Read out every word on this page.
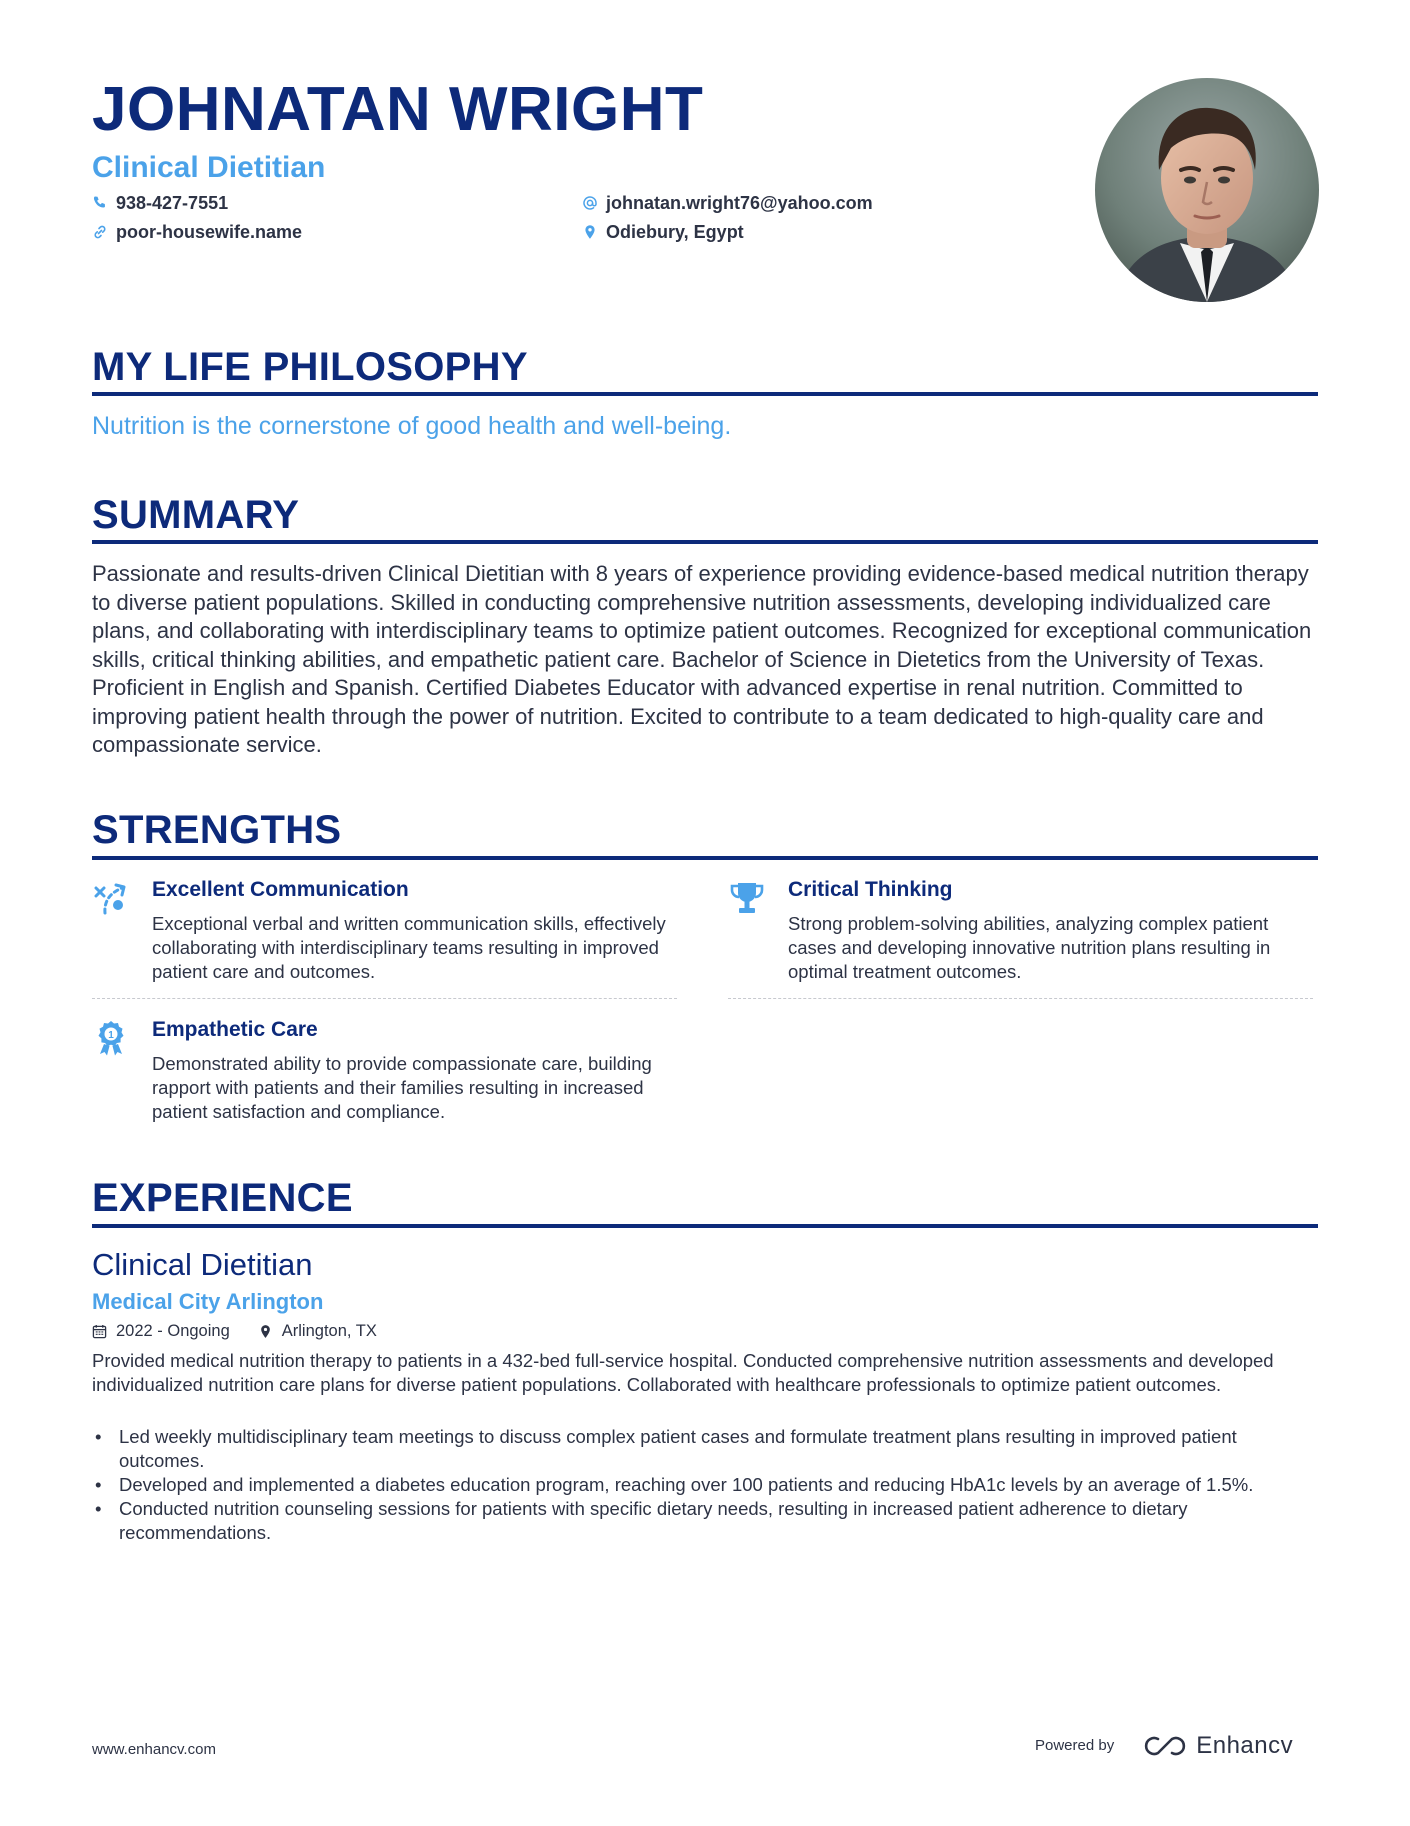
JOHNATAN WRIGHT
Clinical Dietitian
938-427-7551
poor-housewife.name
johnatan.wright76@yahoo.com
Odiebury, Egypt
MY LIFE PHILOSOPHY
Nutrition is the cornerstone of good health and well-being.
SUMMARY

Passionate and results-driven Clinical Dietitian with 8 years of experience providing evidence-based medical nutrition therapy to diverse patient populations. Skilled in conducting comprehensive nutrition assessments, developing individualized care plans, and collaborating with interdisciplinary teams to optimize patient outcomes. Recognized for exceptional communication skills, critical thinking abilities, and empathetic patient care. Bachelor of Science in Dietetics from the University of Texas. Proficient in English and Spanish. Certified Diabetes Educator with advanced expertise in renal nutrition. Committed to improving patient health through the power of nutrition. Excited to contribute to a team dedicated to high-quality care and compassionate service.

STRENGTHS
Excellent Communication
Exceptional verbal and written communication skills, effectively collaborating with interdisciplinary teams resulting in improved patient care and outcomes.
Critical Thinking
Strong problem-solving abilities, analyzing complex patient cases and developing innovative nutrition plans resulting in optimal treatment outcomes.
1 Empathetic Care
Demonstrated ability to provide compassionate care, building rapport with patients and their families resulting in increased patient satisfaction and compliance.
EXPERIENCE
Clinical Dietitian
Medical City Arlington
2022 - Ongoing	Arlington, TX

Provided medical nutrition therapy to patients in a 432-bed full-service hospital. Conducted comprehensive nutrition assessments and developed individualized nutrition care plans for diverse patient populations. Collaborated with healthcare professionals to optimize patient outcomes.

• Led weekly multidisciplinary team meetings to discuss complex patient cases and formulate treatment plans resulting in improved patient outcomes.
• Developed and implemented a diabetes education program, reaching over 100 patients and reducing HbA1c levels by an average of 1.5%.
• Conducted nutrition counseling sessions for patients with specific dietary needs, resulting in increased patient adherence to dietary recommendations.
www.enhancv.com	Powered by	Enhancv
